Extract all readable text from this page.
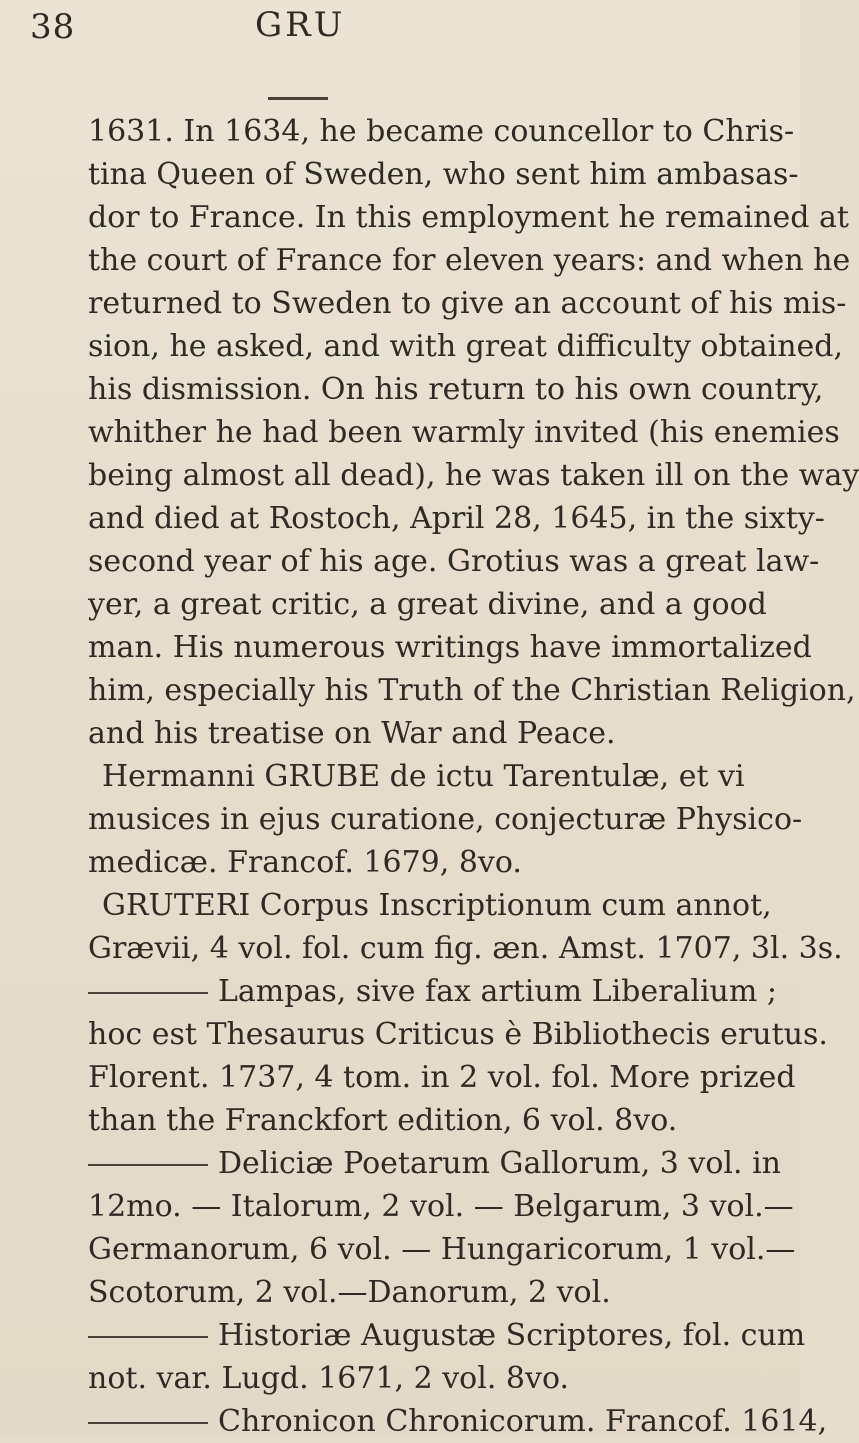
38	GRU
1631. In 1634, he became councellor to Chris-
tina Queen of Sweden, who sent him ambasas-
dor to France. In this employment he remained at
the court of France for eleven years: and when he
returned to Sweden to give an account of his mis-
sion, he asked, and with great difficulty obtained,
his dismission. On his return to his own country,
whither he had been warmly invited (his enemies
being almost all dead), he was taken ill on the way
and died at Rostoch, April 28, 1645, in the sixty-
second year of his age. Grotius was a great law-
yer, a great critic, a great divine, and a good
man. His numerous writings have immortalized
him, especially his Truth of the Christian Religion,
and his treatise on War and Peace.
Hermanni GRUBE de ictu Tarentulæ, et vi
musices in ejus curatione, conjecturæ Physico-
medicæ. Francof. 1679, 8vo.
GRUTERI Corpus Inscriptionum cum annot,
Grævii, 4 vol. fol. cum fig. æn. Amst. 1707, 3l. 3s.
Lampas, sive fax artium Liberalium ;
hoc est Thesaurus Criticus è Bibliothecis erutus.
Florent. 1737, 4 tom. in 2 vol. fol. More prized
than the Franckfort edition, 6 vol. 8vo.
Deliciæ Poetarum Gallorum, 3 vol. in
12mo. — Italorum, 2 vol. — Belgarum, 3 vol.—
Germanorum, 6 vol. — Hungaricorum, 1 vol.—
Scotorum, 2 vol.—Danorum, 2 vol.
Historiæ Augustæ Scriptores, fol. cum
not. var. Lugd. 1671, 2 vol. 8vo.
Chronicon Chronicorum. Francof. 1614,
